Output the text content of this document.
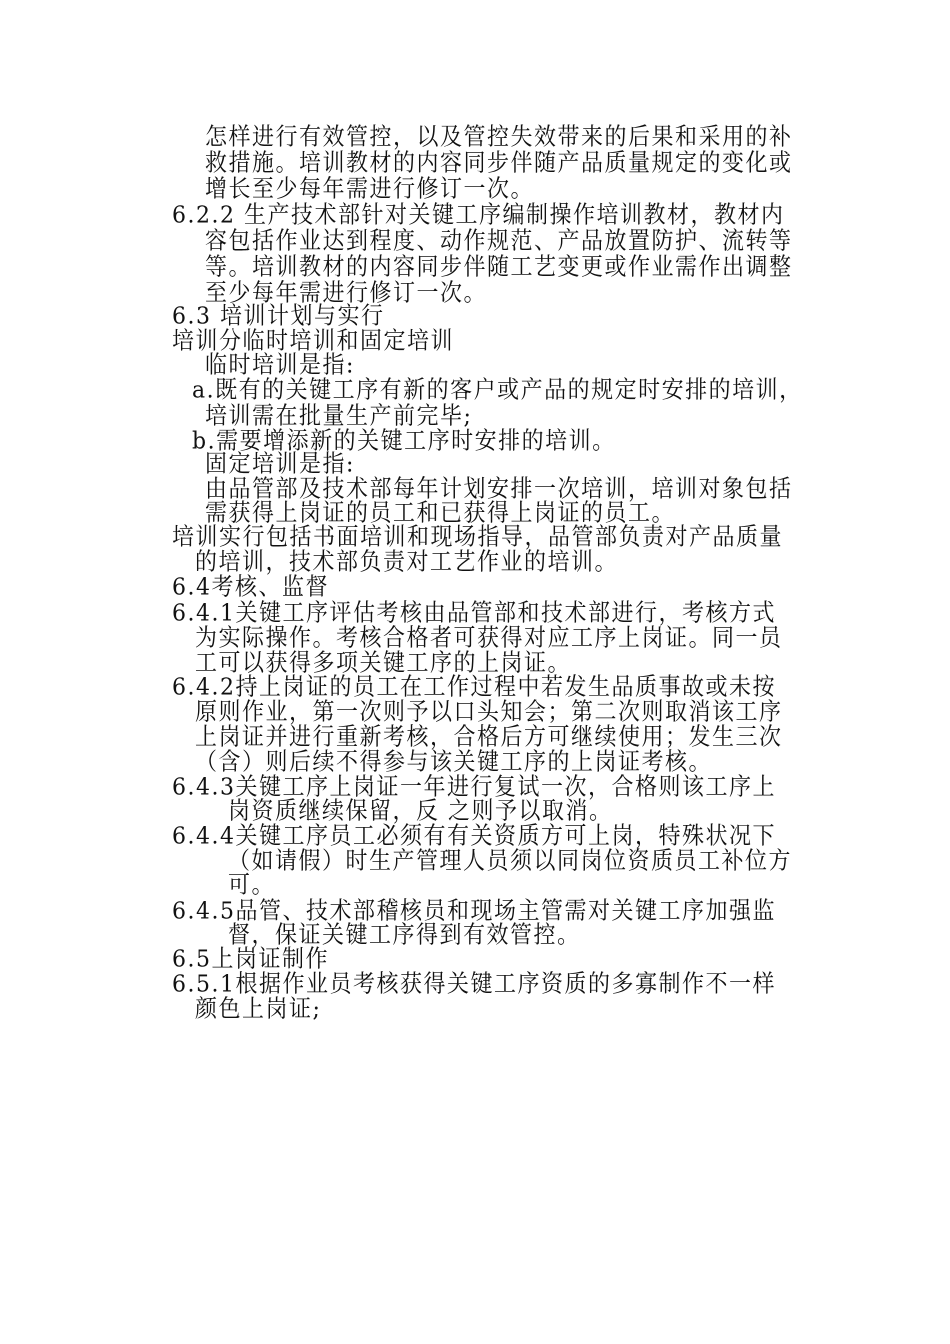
怎样进行有效管控，以及管控失效带来的后果和采用的补
救措施。培训教材的内容同步伴随产品质量规定的变化或
增长至少每年需进行修订一次。
6.2.2 生产技术部针对关键工序编制操作培训教材，教材内
容包括作业达到程度、动作规范、产品放置防护、流转等
等。培训教材的内容同步伴随工艺变更或作业需作出调整
至少每年需进行修订一次。
6.3 培训计划与实行
培训分临时培训和固定培训
临时培训是指:
a.既有的关键工序有新的客户或产品的规定时安排的培训，
培训需在批量生产前完毕;
b.需要增添新的关键工序时安排的培训。
固定培训是指:
由品管部及技术部每年计划安排一次培训，培训对象包括
需获得上岗证的员工和已获得上岗证的员工。
培训实行包括书面培训和现场指导，品管部负责对产品质量
的培训，技术部负责对工艺作业的培训。
6.4考核、监督
6.4.1关键工序评估考核由品管部和技术部进行，考核方式
为实际操作。考核合格者可获得对应工序上岗证。同一员
工可以获得多项关键工序的上岗证。
6.4.2持上岗证的员工在工作过程中若发生品质事故或未按
原则作业，第一次则予以口头知会；第二次则取消该工序
上岗证并进行重新考核，合格后方可继续使用；发生三次
（含）则后续不得参与该关键工序的上岗证考核。
6.4.3关键工序上岗证一年进行复试一次，合格则该工序上
岗资质继续保留，反 之则予以取消。
6.4.4关键工序员工必须有有关资质方可上岗，特殊状况下
（如请假）时生产管理人员须以同岗位资质员工补位方
可。
6.4.5品管、技术部稽核员和现场主管需对关键工序加强监
督，保证关键工序得到有效管控。
6.5上岗证制作
6.5.1根据作业员考核获得关键工序资质的多寡制作不一样
颜色上岗证;
